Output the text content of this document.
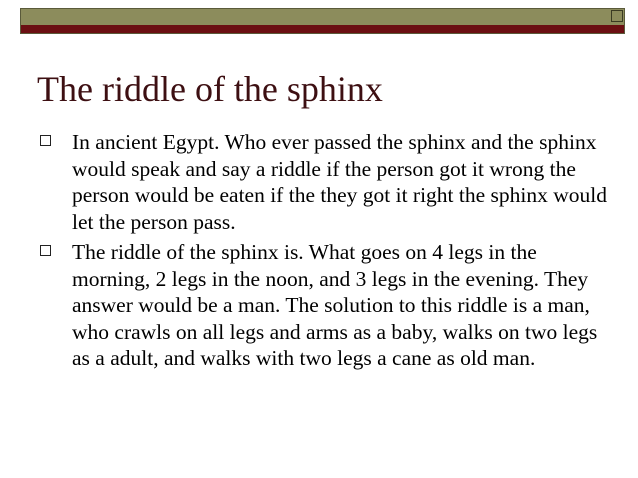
The riddle of the sphinx
In ancient Egypt. Who ever passed the sphinx and the sphinx would speak and say a riddle if the person got it wrong the person would be eaten if the they got it right the sphinx would let the person pass.
The riddle of the sphinx is. What goes on 4 legs in the morning, 2 legs in the noon, and 3 legs in the evening. They answer would be a man. The solution to this riddle is a man, who crawls on all legs and arms as a baby, walks on two legs as a adult, and walks with two legs a cane as old man.
